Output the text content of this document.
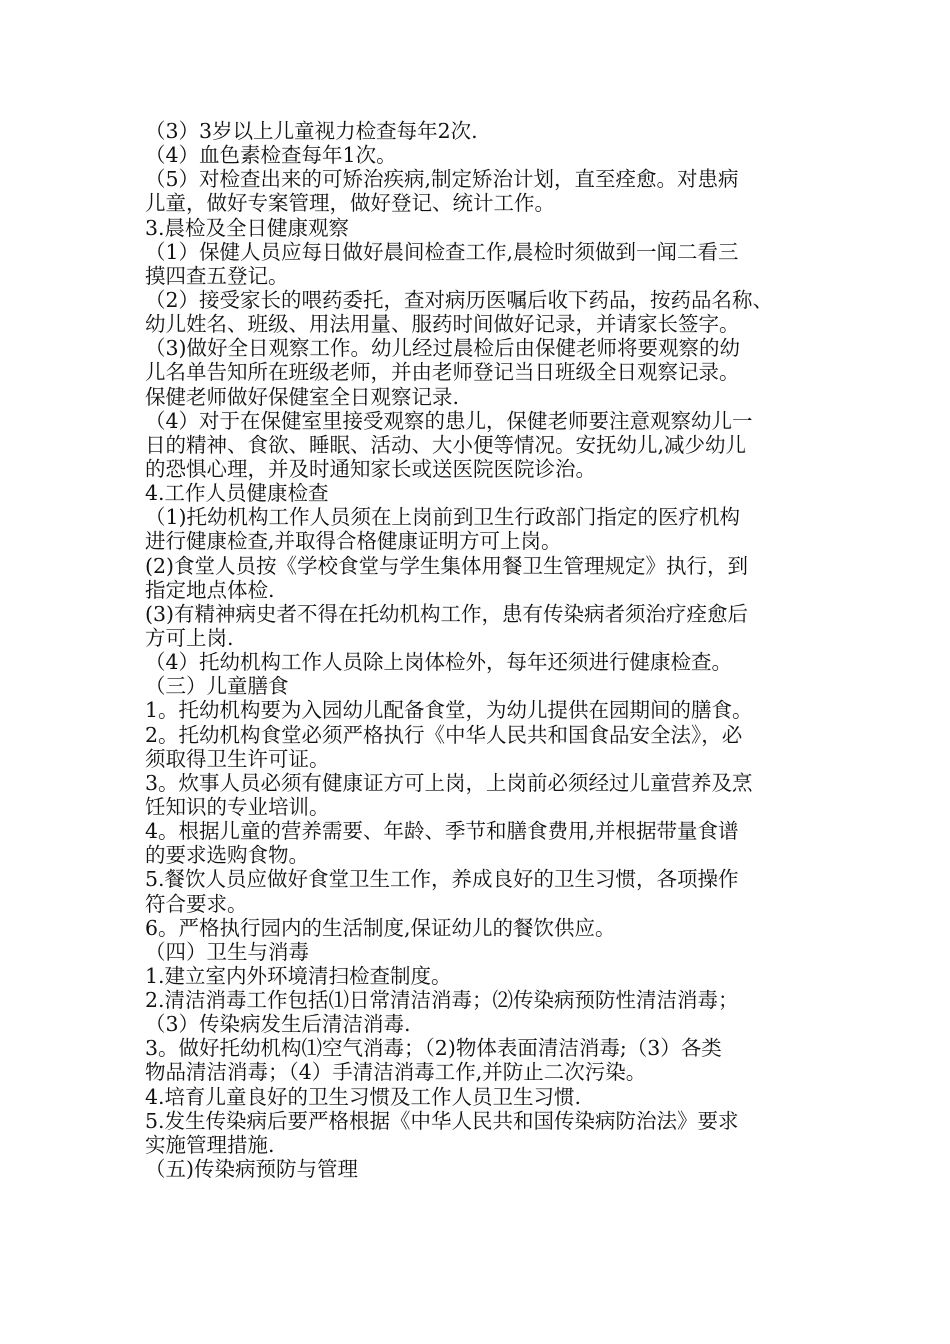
（3）3岁以上儿童视力检查每年2次.
（4）血色素检查每年1次。
（5）对检查出来的可矫治疾病,制定矫治计划，直至痊愈。对患病
儿童，做好专案管理，做好登记、统计工作。
3.晨检及全日健康观察
（1）保健人员应每日做好晨间检查工作,晨检时须做到一闻二看三
摸四查五登记。
（2）接受家长的喂药委托，查对病历医嘱后收下药品，按药品名称、
幼儿姓名、班级、用法用量、服药时间做好记录，并请家长签字。
（3)做好全日观察工作。幼儿经过晨检后由保健老师将要观察的幼
儿名单告知所在班级老师，并由老师登记当日班级全日观察记录。
保健老师做好保健室全日观察记录.
（4）对于在保健室里接受观察的患儿，保健老师要注意观察幼儿一
日的精神、食欲、睡眠、活动、大小便等情况。安抚幼儿,减少幼儿
的恐惧心理，并及时通知家长或送医院医院诊治。
4.工作人员健康检查
（1)托幼机构工作人员须在上岗前到卫生行政部门指定的医疗机构
进行健康检查,并取得合格健康证明方可上岗。
(2)食堂人员按《学校食堂与学生集体用餐卫生管理规定》执行，到
指定地点体检.
(3)有精神病史者不得在托幼机构工作，患有传染病者须治疗痊愈后
方可上岗.
（4）托幼机构工作人员除上岗体检外，每年还须进行健康检查。
（三）儿童膳食
1。托幼机构要为入园幼儿配备食堂，为幼儿提供在园期间的膳食。
2。托幼机构食堂必须严格执行《中华人民共和国食品安全法》，必
须取得卫生许可证。
3。炊事人员必须有健康证方可上岗，上岗前必须经过儿童营养及烹
饪知识的专业培训。
4。根据儿童的营养需要、年龄、季节和膳食费用,并根据带量食谱
的要求选购食物。
5.餐饮人员应做好食堂卫生工作，养成良好的卫生习惯，各项操作
符合要求。
6。严格执行园内的生活制度,保证幼儿的餐饮供应。
（四）卫生与消毒
1.建立室内外环境清扫检查制度。
2.清洁消毒工作包括⑴日常清洁消毒；⑵传染病预防性清洁消毒；
（3）传染病发生后清洁消毒.
3。做好托幼机构⑴空气消毒；（2)物体表面清洁消毒;（3）各类
物品清洁消毒；（4）手清洁消毒工作,并防止二次污染。
4.培育儿童良好的卫生习惯及工作人员卫生习惯.
5.发生传染病后要严格根据《中华人民共和国传染病防治法》要求
实施管理措施.
（五)传染病预防与管理
